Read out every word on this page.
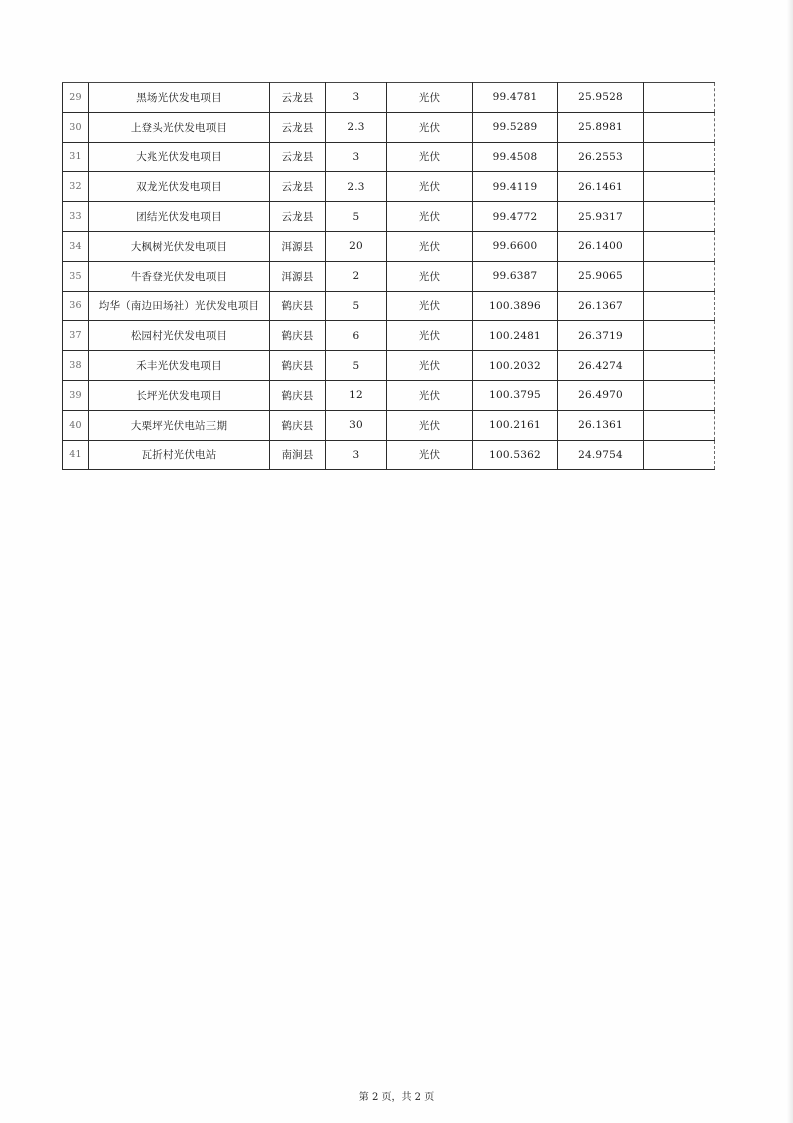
29	黑场光伏发电项目	云龙县	3	光伏	99.4781	25.9528	
30	上登头光伏发电项目	云龙县	2.3	光伏	99.5289	25.8981	
31	大兆光伏发电项目	云龙县	3	光伏	99.4508	26.2553	
32	双龙光伏发电项目	云龙县	2.3	光伏	99.4119	26.1461	
33	团结光伏发电项目	云龙县	5	光伏	99.4772	25.9317	
34	大枫树光伏发电项目	洱源县	20	光伏	99.6600	26.1400	
35	牛香登光伏发电项目	洱源县	2	光伏	99.6387	25.9065	
36	均华（南边田场社）光伏发电项目	鹤庆县	5	光伏	100.3896	26.1367	
37	松园村光伏发电项目	鹤庆县	6	光伏	100.2481	26.3719	
38	禾丰光伏发电项目	鹤庆县	5	光伏	100.2032	26.4274	
39	长坪光伏发电项目	鹤庆县	12	光伏	100.3795	26.4970	
40	大栗坪光伏电站三期	鹤庆县	30	光伏	100.2161	26.1361	
41	瓦折村光伏电站	南涧县	3	光伏	100.5362	24.9754	
第 2 页，共 2 页
